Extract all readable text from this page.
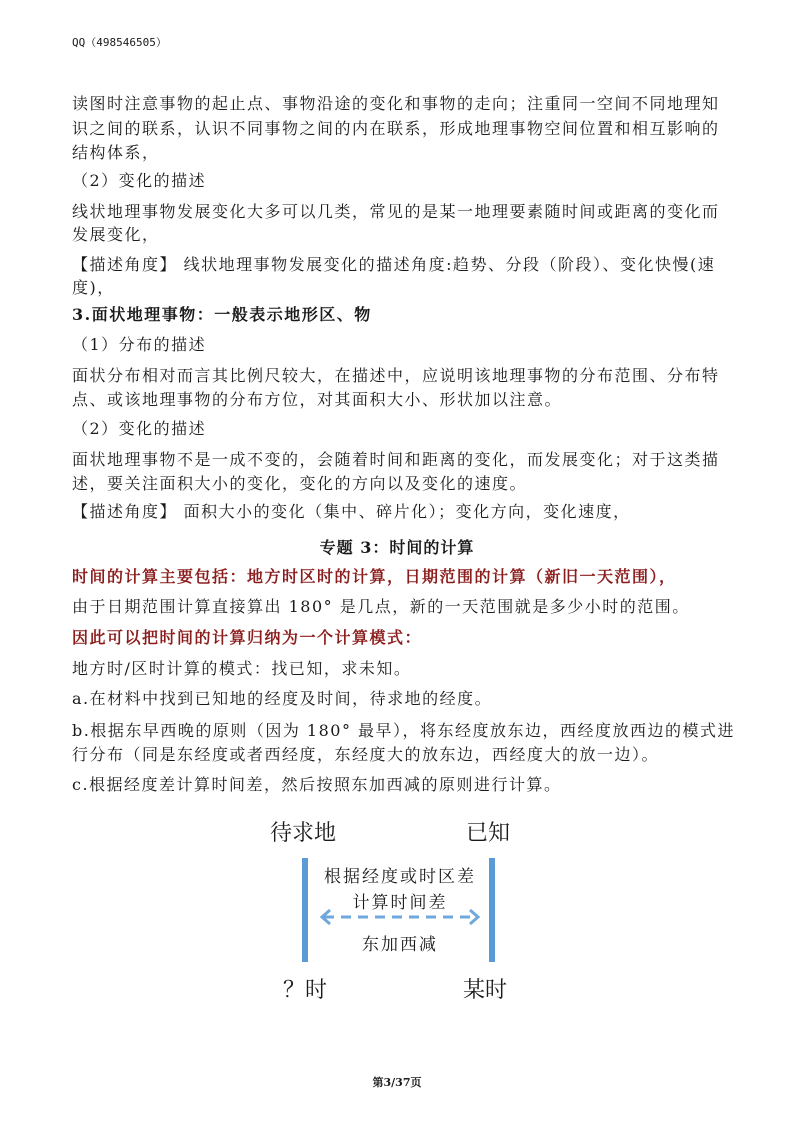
QQ（498546505）
读图时注意事物的起止点、事物沿途的变化和事物的走向；注重同一空间不同地理知
识之间的联系，认识不同事物之间的内在联系，形成地理事物空间位置和相互影响的
结构体系，
（2）变化的描述
线状地理事物发展变化大多可以几类，常见的是某一地理要素随时间或距离的变化而
发展变化，
【描述角度】 线状地理事物发展变化的描述角度:趋势、分段（阶段）、变化快慢(速
度)，
3.面状地理事物：一般表示地形区、物
（1）分布的描述
面状分布相对而言其比例尺较大，在描述中，应说明该地理事物的分布范围、分布特
点、或该地理事物的分布方位，对其面积大小、形状加以注意。
（2）变化的描述
面状地理事物不是一成不变的，会随着时间和距离的变化，而发展变化；对于这类描
述，要关注面积大小的变化，变化的方向以及变化的速度。
【描述角度】 面积大小的变化（集中、碎片化）；变化方向，变化速度，
专题 3：时间的计算
时间的计算主要包括：地方时区时的计算，日期范围的计算（新旧一天范围），
由于日期范围计算直接算出 180° 是几点，新的一天范围就是多少小时的范围。
因此可以把时间的计算归纳为一个计算模式：
地方时/区时计算的模式：找已知，求未知。
a.在材料中找到已知地的经度及时间，待求地的经度。
b.根据东早西晚的原则（因为 180° 最早），将东经度放东边，西经度放西边的模式进
行分布（同是东经度或者西经度，东经度大的放东边，西经度大的放一边）。
c.根据经度差计算时间差，然后按照东加西减的原则进行计算。
待求地	已知
根据经度或时区差
计算时间差
东加西减
？时	某时
第3/37页
